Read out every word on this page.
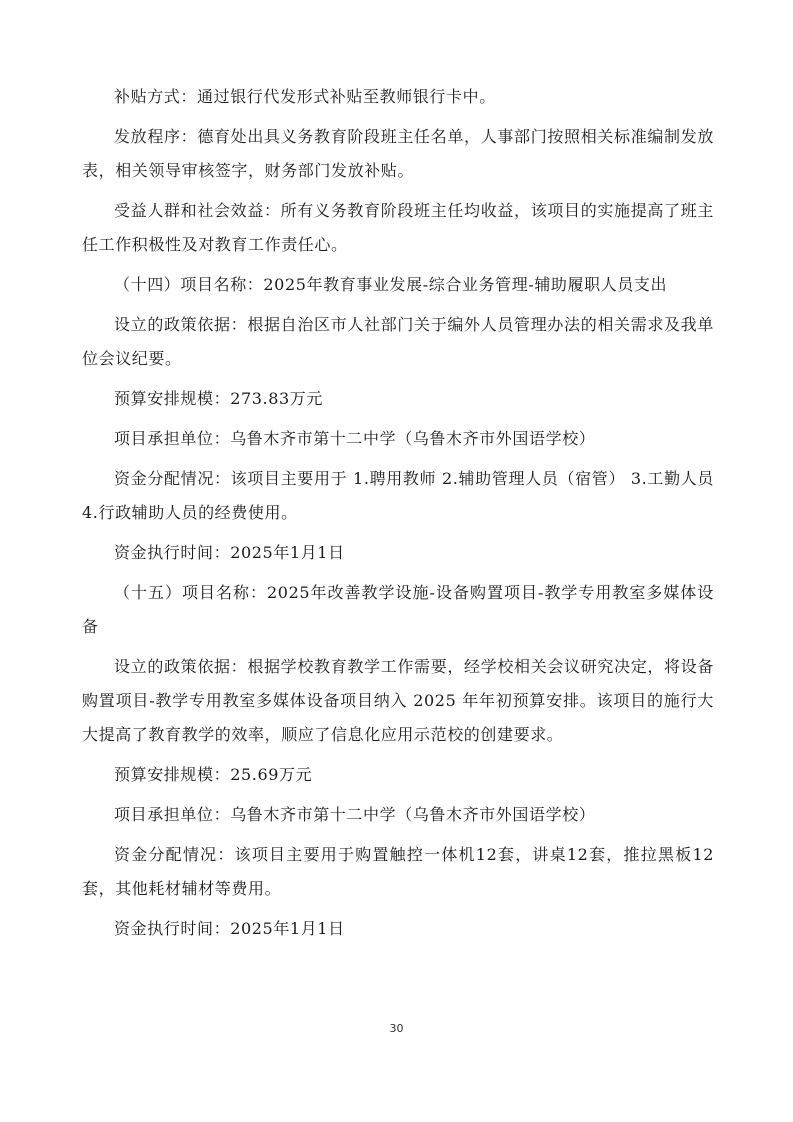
补贴方式：通过银行代发形式补贴至教师银行卡中。

发放程序：德育处出具义务教育阶段班主任名单，人事部门按照相关标准编制发放表，相关领导审核签字，财务部门发放补贴。

受益人群和社会效益：所有义务教育阶段班主任均收益，该项目的实施提高了班主任工作积极性及对教育工作责任心。

（十四）项目名称：2025年教育事业发展-综合业务管理-辅助履职人员支出

设立的政策依据：根据自治区市人社部门关于编外人员管理办法的相关需求及我单位会议纪要。

预算安排规模：273.83万元

项目承担单位：乌鲁木齐市第十二中学（乌鲁木齐市外国语学校）

资金分配情况：该项目主要用于 1.聘用教师 2.辅助管理人员（宿管） 3.工勤人员 4.行政辅助人员的经费使用。

资金执行时间：2025年1月1日

（十五）项目名称：2025年改善教学设施-设备购置项目-教学专用教室多媒体设备

设立的政策依据：根据学校教育教学工作需要，经学校相关会议研究决定，将设备购置项目-教学专用教室多媒体设备项目纳入 2025 年年初预算安排。该项目的施行大大提高了教育教学的效率，顺应了信息化应用示范校的创建要求。

预算安排规模：25.69万元

项目承担单位：乌鲁木齐市第十二中学（乌鲁木齐市外国语学校）

资金分配情况：该项目主要用于购置触控一体机12套，讲桌12套，推拉黑板12套，其他耗材辅材等费用。

资金执行时间：2025年1月1日

30
